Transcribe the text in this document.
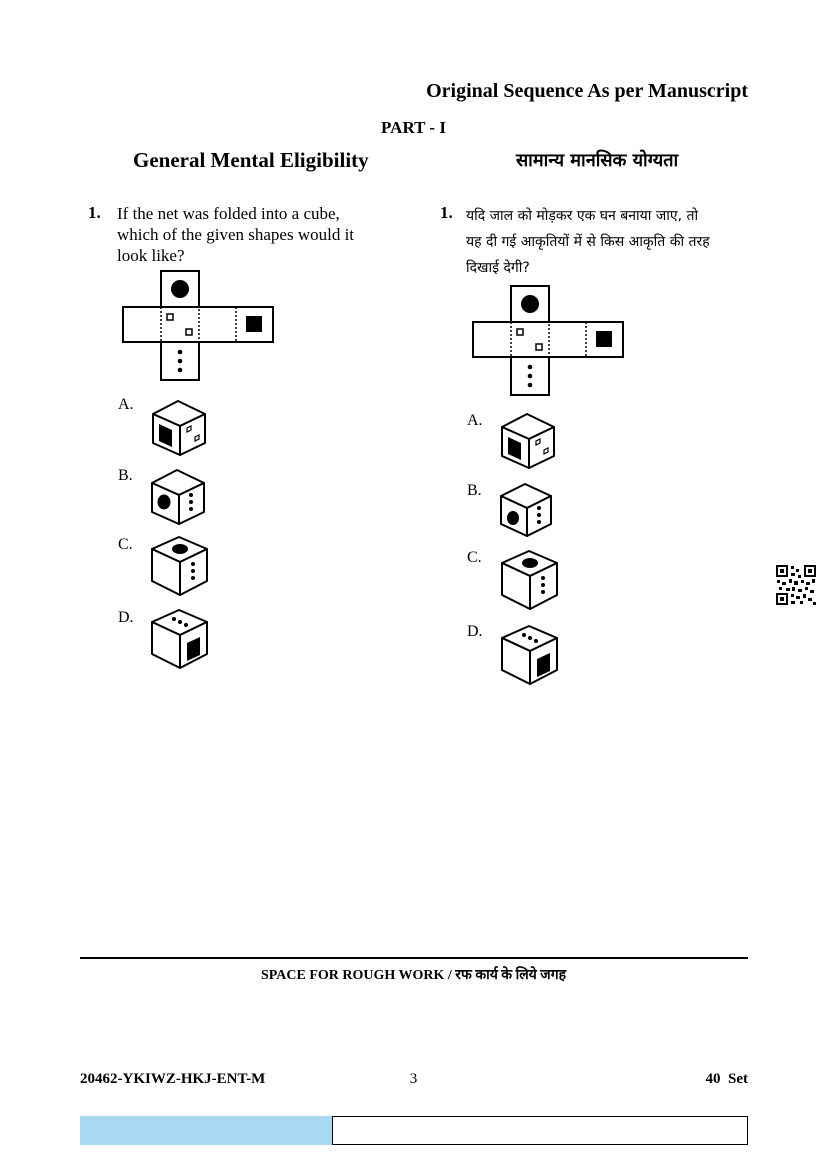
Original Sequence As per Manuscript
PART - I
General Mental Eligibility	सामान्य मानसिक योग्यता
1. If the net was folded into a cube,
which of the given shapes would it
look like?
A.
B.
C.
D.
1. यदि जाल को मोड़कर एक घन बनाया जाए, तो
यह दी गई आकृतियों में से किस आकृति की तरह
दिखाई देगी?
A.
B.
C.
D.
SPACE FOR ROUGH WORK / रफ कार्य के लिये जगह
20462-YKIWZ-HKJ-ENT-M	3	40 Set
